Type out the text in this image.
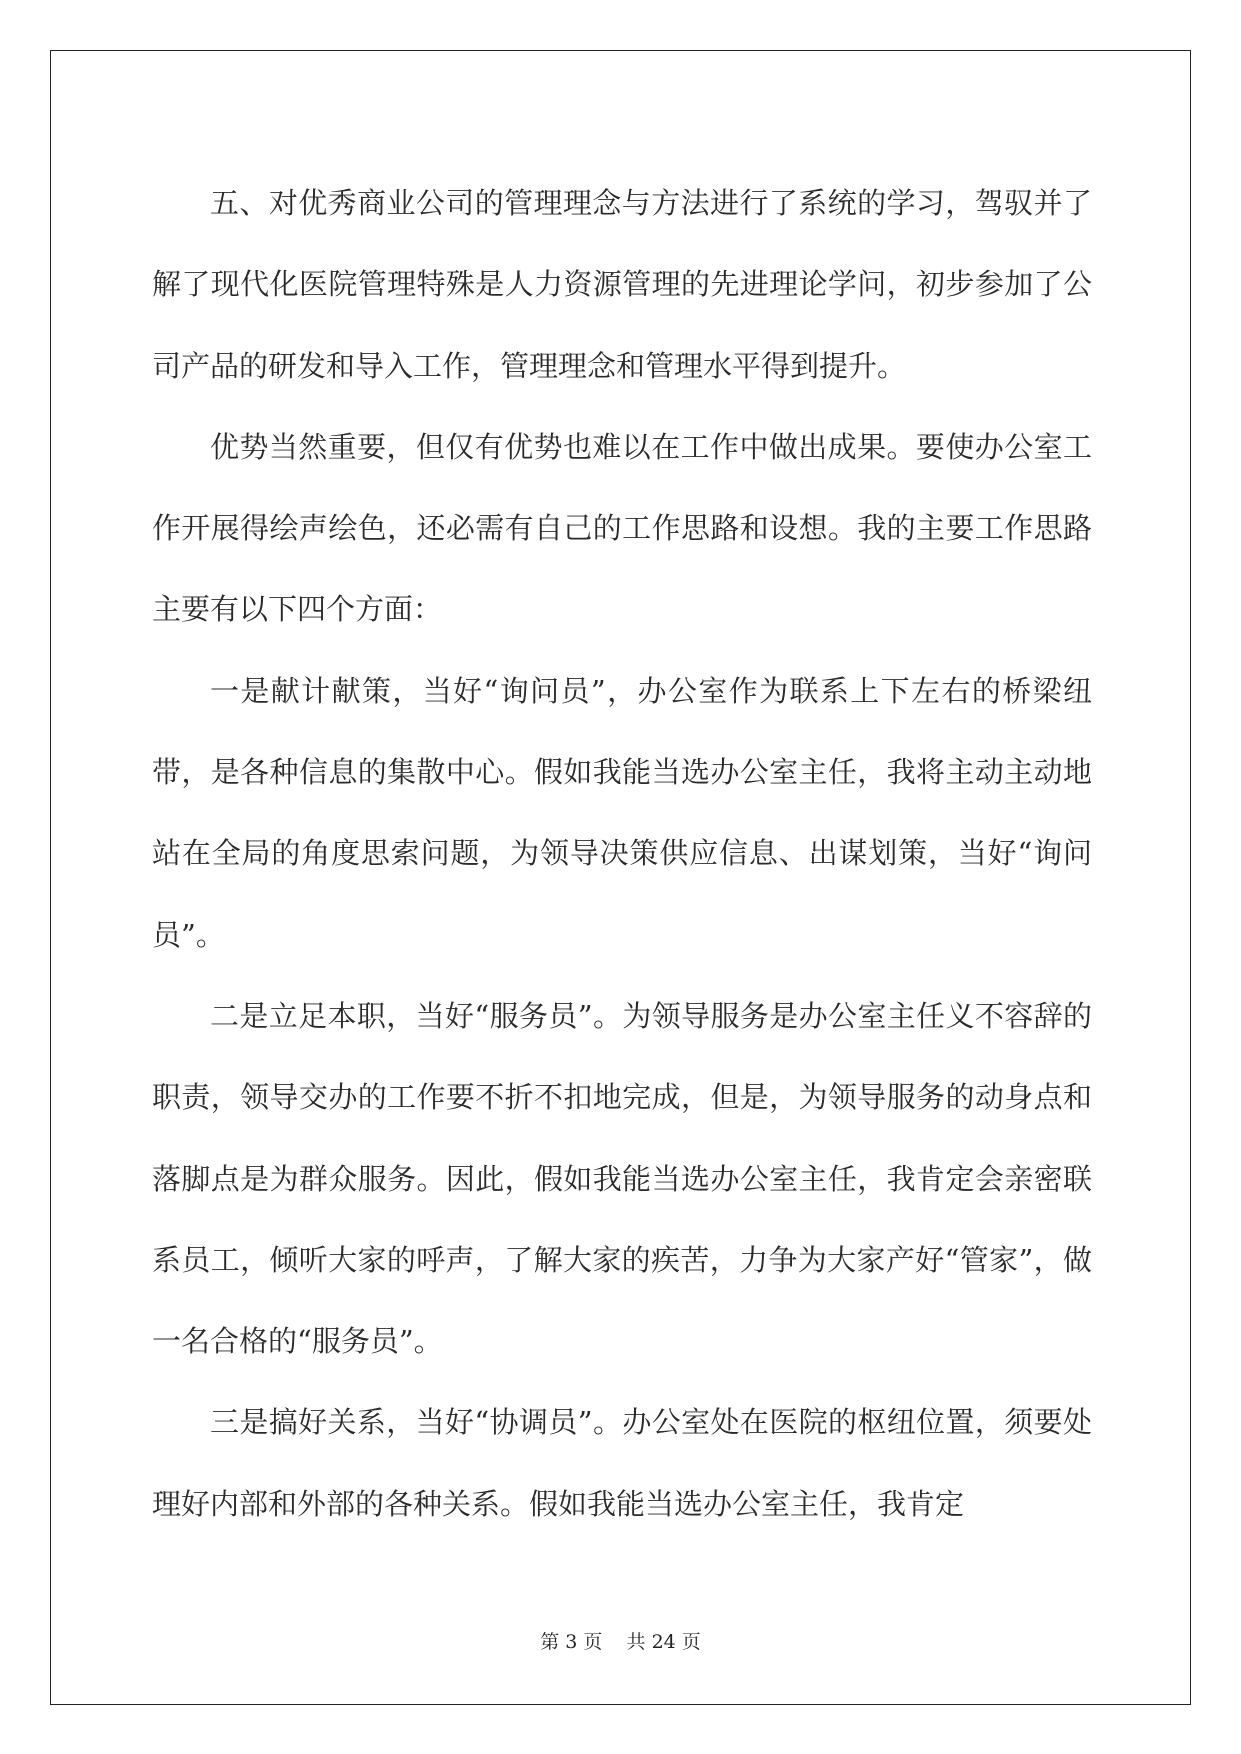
五、对优秀商业公司的管理理念与方法进行了系统的学习，驾驭并了解了现代化医院管理特殊是人力资源管理的先进理论学问，初步参加了公司产品的研发和导入工作，管理理念和管理水平得到提升。

优势当然重要，但仅有优势也难以在工作中做出成果。要使办公室工作开展得绘声绘色，还必需有自己的工作思路和设想。我的主要工作思路主要有以下四个方面：

一是献计献策，当好“询问员”，办公室作为联系上下左右的桥梁纽带，是各种信息的集散中心。假如我能当选办公室主任，我将主动主动地站在全局的角度思索问题，为领导决策供应信息、出谋划策，当好“询问员”。

二是立足本职，当好“服务员”。为领导服务是办公室主任义不容辞的职责，领导交办的工作要不折不扣地完成，但是，为领导服务的动身点和落脚点是为群众服务。因此，假如我能当选办公室主任，我肯定会亲密联系员工，倾听大家的呼声，了解大家的疾苦，力争为大家产好“管家”，做一名合格的“服务员”。

三是搞好关系，当好“协调员”。办公室处在医院的枢纽位置，须要处理好内部和外部的各种关系。假如我能当选办公室主任，我肯定

第 3 页    共 24 页
